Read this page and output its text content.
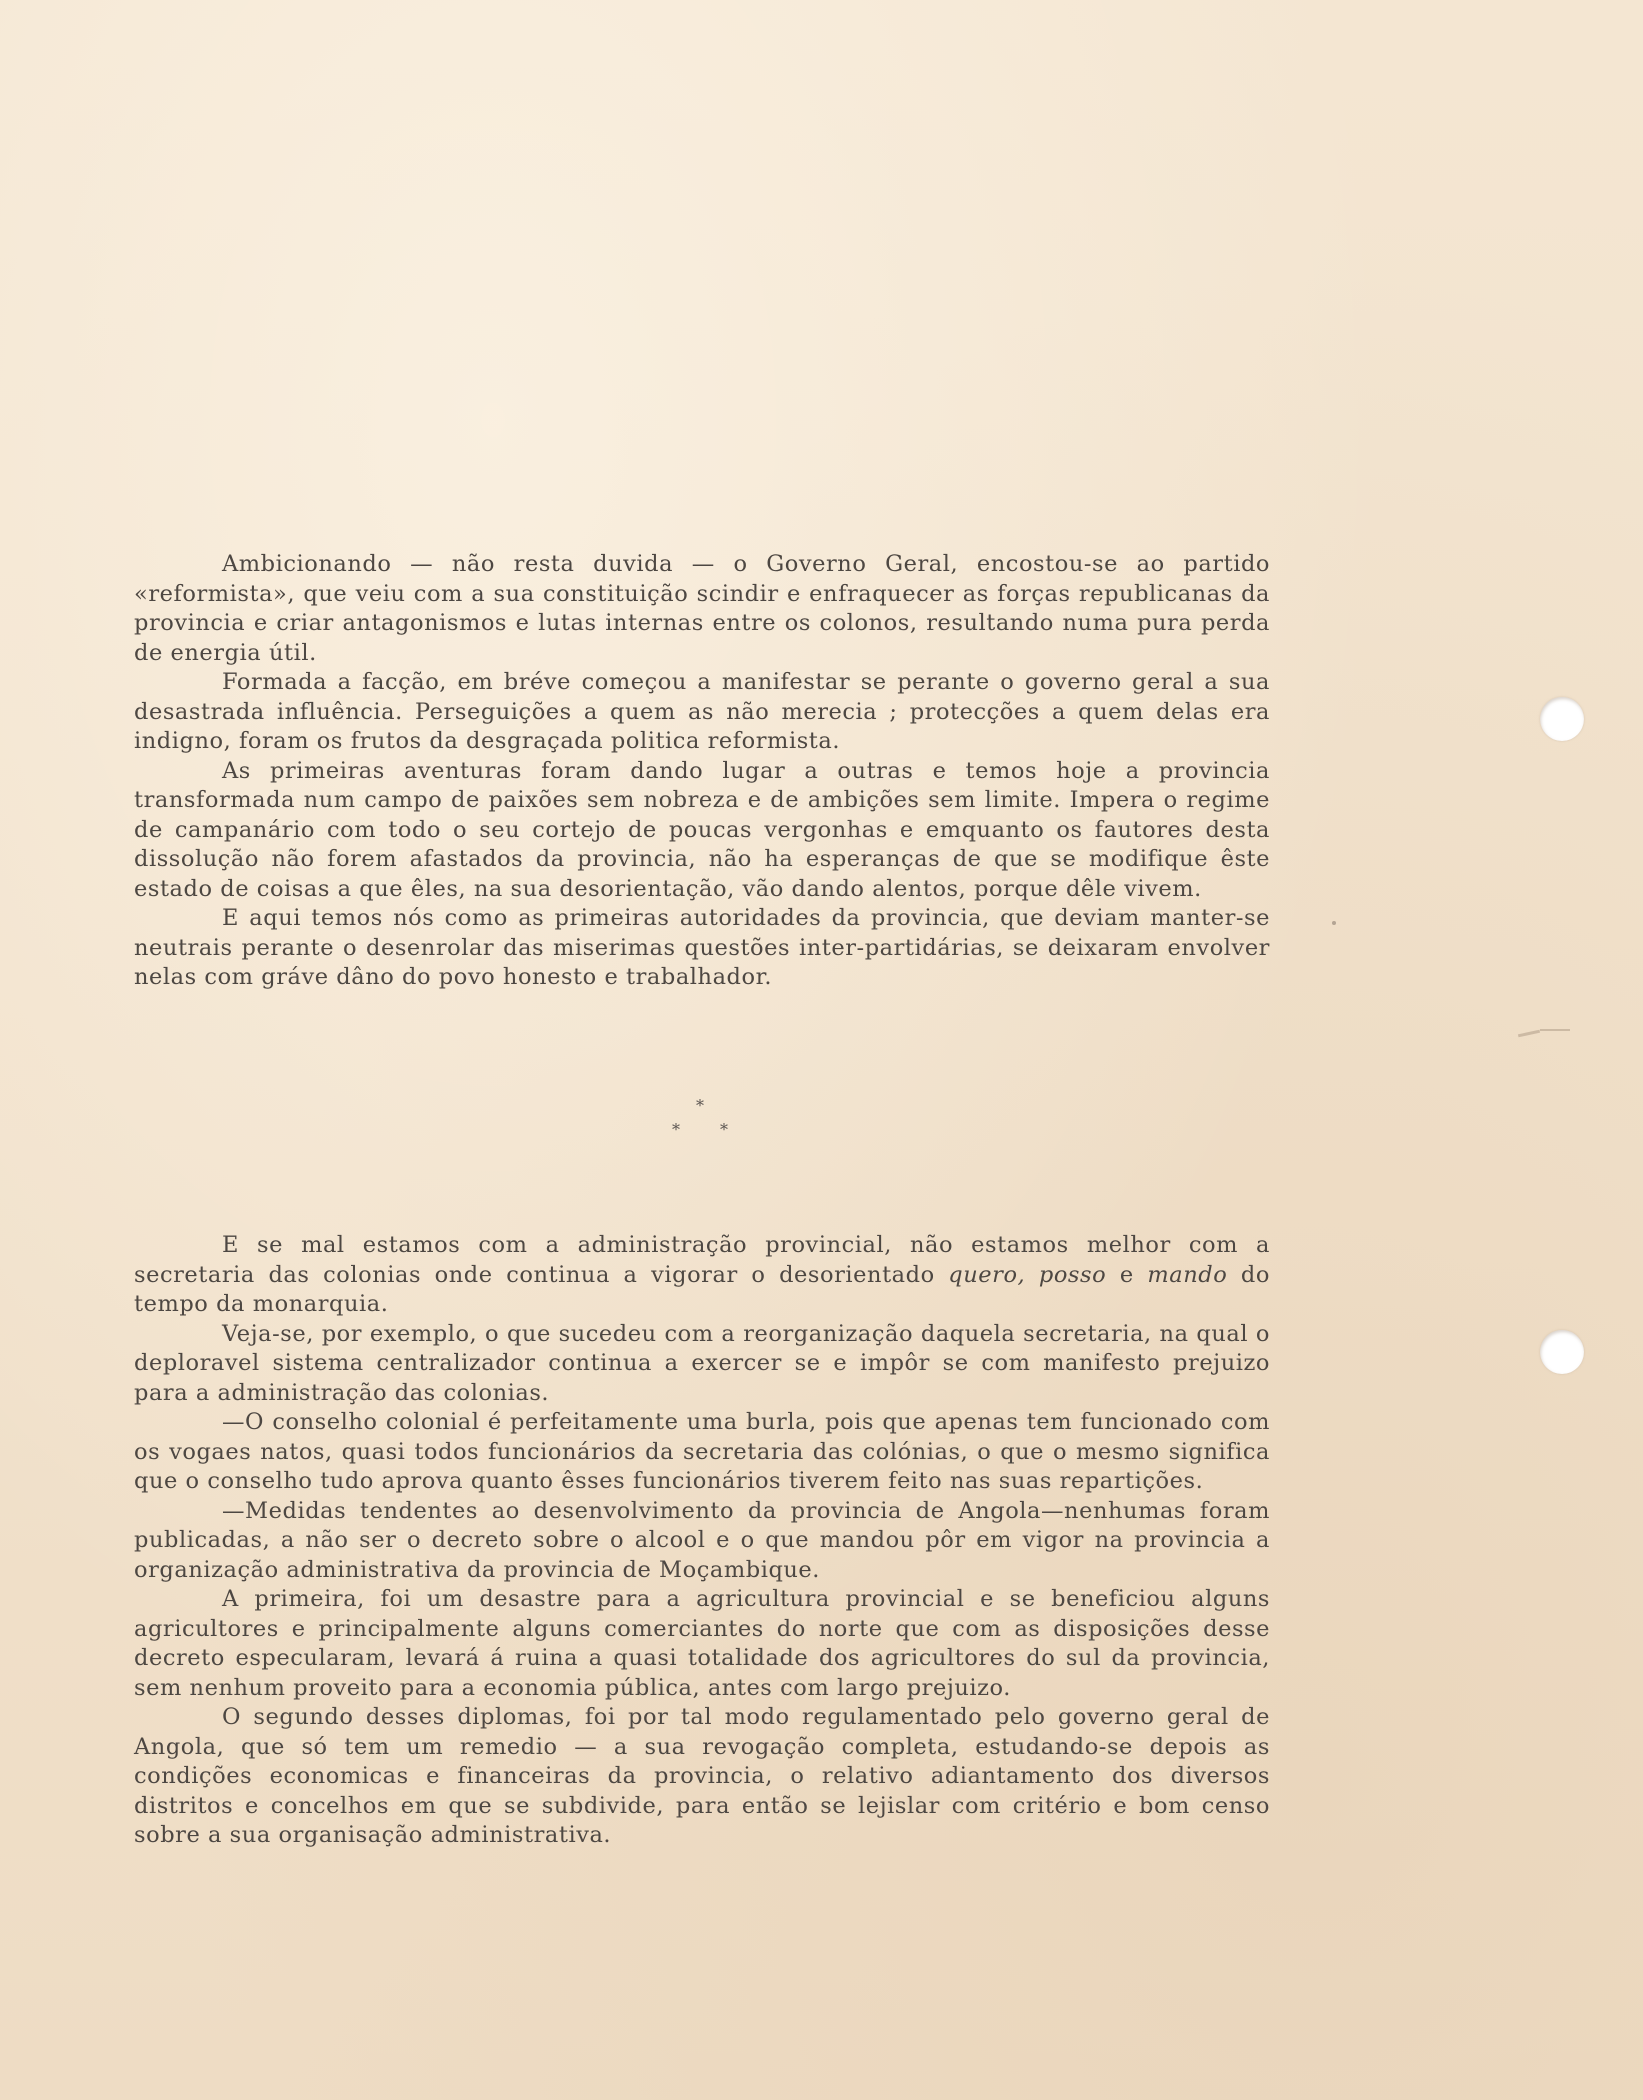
Ambicionando — não resta duvida — o Governo Geral, encostou-se ao partido «reformista», que veiu com a sua constituição scindir e enfraquecer as forças republicanas da provincia e criar antagonismos e lutas internas entre os colonos, resultando numa pura perda de energia útil.

Formada a facção, em bréve começou a manifestar se perante o governo geral a sua desastrada influência. Perseguições a quem as não merecia ; protecções a quem delas era indigno, foram os frutos da desgraçada politica reformista.

As primeiras aventuras foram dando lugar a outras e temos hoje a provincia transformada num campo de paixões sem nobreza e de ambições sem limite. Impera o regime de campanário com todo o seu cortejo de poucas vergonhas e emquanto os fautores desta dissolução não forem afastados da provincia, não ha esperanças de que se modifique êste estado de coisas a que êles, na sua desorientação, vão dando alentos, porque dêle vivem.

E aqui temos nós como as primeiras autoridades da provincia, que deviam manter-se neutrais perante o desenrolar das miserimas questões inter-partidárias, se deixaram envolver nelas com gráve dâno do povo honesto e trabalhador.

*
*	*

E se mal estamos com a administração provincial, não estamos melhor com a secretaria das colonias onde continua a vigorar o desorientado quero, posso e mando do tempo da monarquia.

Veja-se, por exemplo, o que sucedeu com a reorganização daquela secretaria, na qual o deploravel sistema centralizador continua a exercer se e impôr se com manifesto prejuizo para a administração das colonias.

—O conselho colonial é perfeitamente uma burla, pois que apenas tem funcionado com os vogaes natos, quasi todos funcionários da secretaria das colónias, o que o mesmo significa que o conselho tudo aprova quanto êsses funcionários tiverem feito nas suas repartições.

—Medidas tendentes ao desenvolvimento da provincia de Angola—nenhumas foram publicadas, a não ser o decreto sobre o alcool e o que mandou pôr em vigor na provincia a organização administrativa da provincia de Moçambique.

A primeira, foi um desastre para a agricultura provincial e se beneficiou alguns agricultores e principalmente alguns comerciantes do norte que com as disposições desse decreto especularam, levará á ruina a quasi totalidade dos agricultores do sul da provincia, sem nenhum proveito para a economia pública, antes com largo prejuizo.

O segundo desses diplomas, foi por tal modo regulamentado pelo governo geral de Angola, que só tem um remedio — a sua revogação completa, estudando-se depois as condições economicas e financeiras da provincia, o relativo adiantamento dos diversos distritos e concelhos em que se subdivide, para então se lejislar com critério e bom censo sobre a sua organisação administrativa.
